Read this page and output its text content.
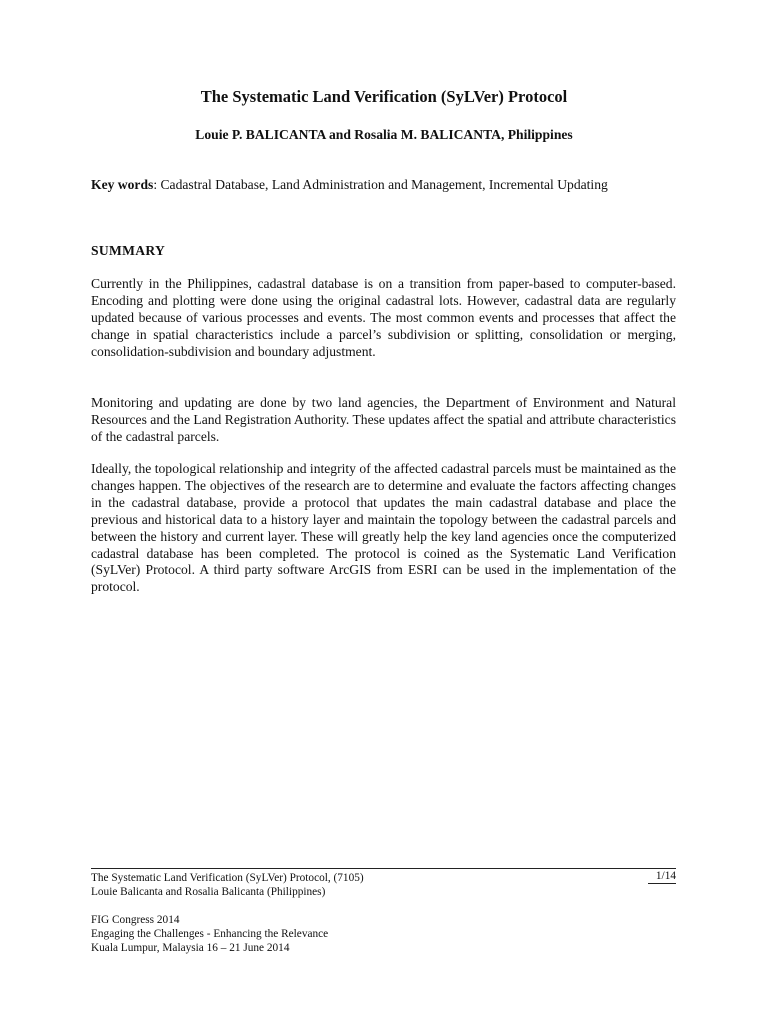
The Systematic Land Verification (SyLVer) Protocol
Louie P. BALICANTA and Rosalia M. BALICANTA, Philippines
Key words: Cadastral Database, Land Administration and Management, Incremental Updating
SUMMARY

Currently in the Philippines, cadastral database is on a transition from paper-based to computer-based. Encoding and plotting were done using the original cadastral lots. However, cadastral data are regularly updated because of various processes and events. The most common events and processes that affect the change in spatial characteristics include a parcel’s subdivision or splitting, consolidation or merging, consolidation-subdivision and boundary adjustment.

Monitoring and updating are done by two land agencies, the Department of Environment and Natural Resources and the Land Registration Authority. These updates affect the spatial and attribute characteristics of the cadastral parcels.

Ideally, the topological relationship and integrity of the affected cadastral parcels must be maintained as the changes happen. The objectives of the research are to determine and evaluate the factors affecting changes in the cadastral database, provide a protocol that updates the main cadastral database and place the previous and historical data to a history layer and maintain the topology between the cadastral parcels and between the history and current layer. These will greatly help the key land agencies once the computerized cadastral database has been completed. The protocol is coined as the Systematic Land Verification (SyLVer) Protocol. A third party software ArcGIS from ESRI can be used in the implementation of the protocol.

The Systematic Land Verification (SyLVer) Protocol, (7105)
Louie Balicanta and Rosalia Balicanta (Philippines)
1/14
FIG Congress 2014
Engaging the Challenges - Enhancing the Relevance
Kuala Lumpur, Malaysia 16 – 21 June 2014
